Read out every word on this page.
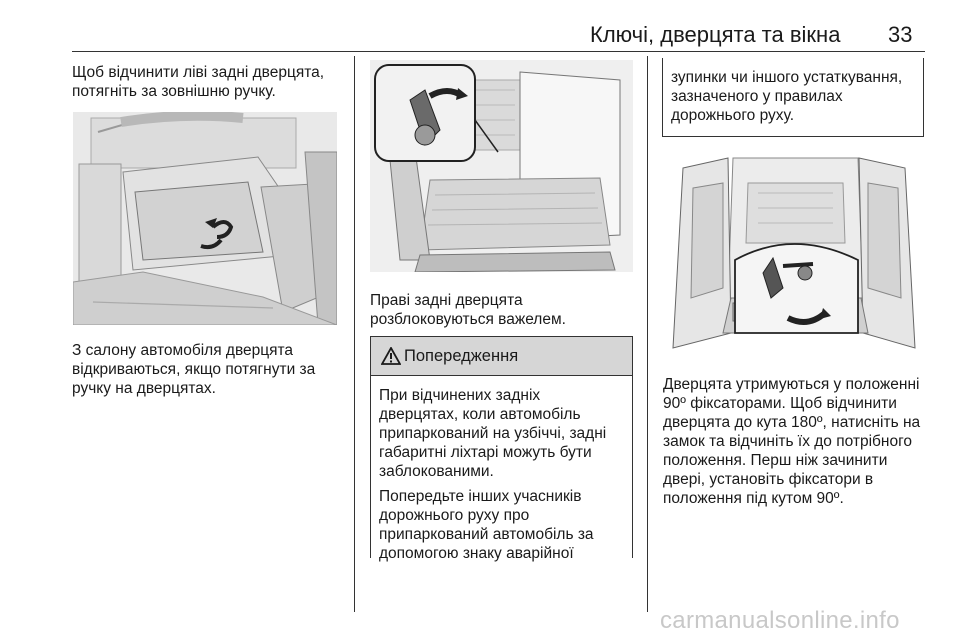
Ключі, дверцята та вікна 33
Щоб відчинити ліві задні дверцята,
потягніть за зовнішню ручку.
З салону автомобіля дверцята
відкриваються, якщо потягнути за
ручку на дверцятах.
Праві задні дверцята
розблоковуються важелем.
Попередження
При відчинених задніх
дверцятах, коли автомобіль
припаркований на узбіччі, задні
габаритні ліхтарі можуть бути
заблокованими.
Попередьте інших учасників
дорожнього руху про
припаркований автомобіль за
допомогою знаку аварійної
зупинки чи іншого устаткування,
зазначеного у правилах
дорожнього руху.
Дверцята утримуються у положенні
90º фіксаторами. Щоб відчинити
дверцята до кута 180º, натисніть на
замок та відчиніть їх до потрібного
положення. Перш ніж зачинити
двері, установіть фіксатори в
положення під кутом 90º.
carmanualsonline.info
